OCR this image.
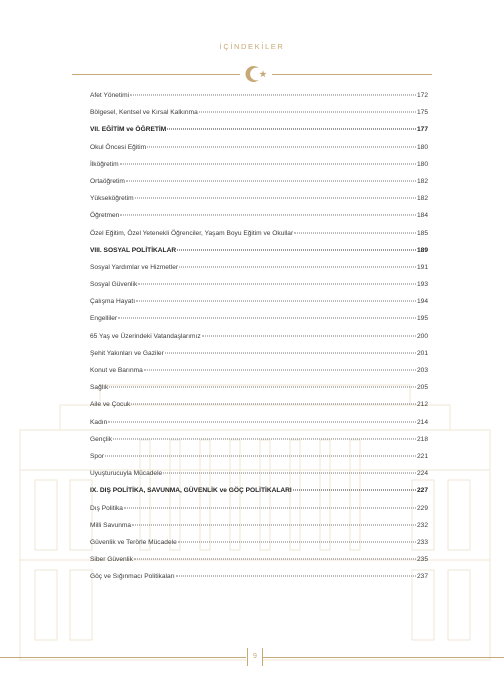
İÇİNDEKİLER
Afet Yönetimi	172
Bölgesel, Kentsel ve Kırsal Kalkınma	175
VII. EĞİTİM ve ÖĞRETİM	177
Okul Öncesi Eğitim	180
İlköğretim	180
Ortaöğretim	182
Yükseköğretim	182
Öğretmen	184
Özel Eğitim, Özel Yetenekli Öğrenciler, Yaşam Boyu Eğitim ve Okullar	185
VIII. SOSYAL POLİTİKALAR	189
Sosyal Yardımlar ve Hizmetler	191
Sosyal Güvenlik	193
Çalışma Hayatı	194
Engelliler	195
65 Yaş ve Üzerindeki Vatandaşlarımız	200
Şehit Yakınları ve Gaziler	201
Konut ve Barınma	203
Sağlık	205
Aile ve Çocuk	212
Kadın	214
Gençlik	218
Spor	221
Uyuşturucuyla Mücadele	224
IX. DIŞ POLİTİKA, SAVUNMA, GÜVENLİK ve GÖÇ POLİTİKALARI	227
Dış Politika	229
Milli Savunma	232
Güvenlik ve Terörle Mücadele	233
Siber Güvenlik	235
Göç ve Sığınmacı Politikaları	237
9
